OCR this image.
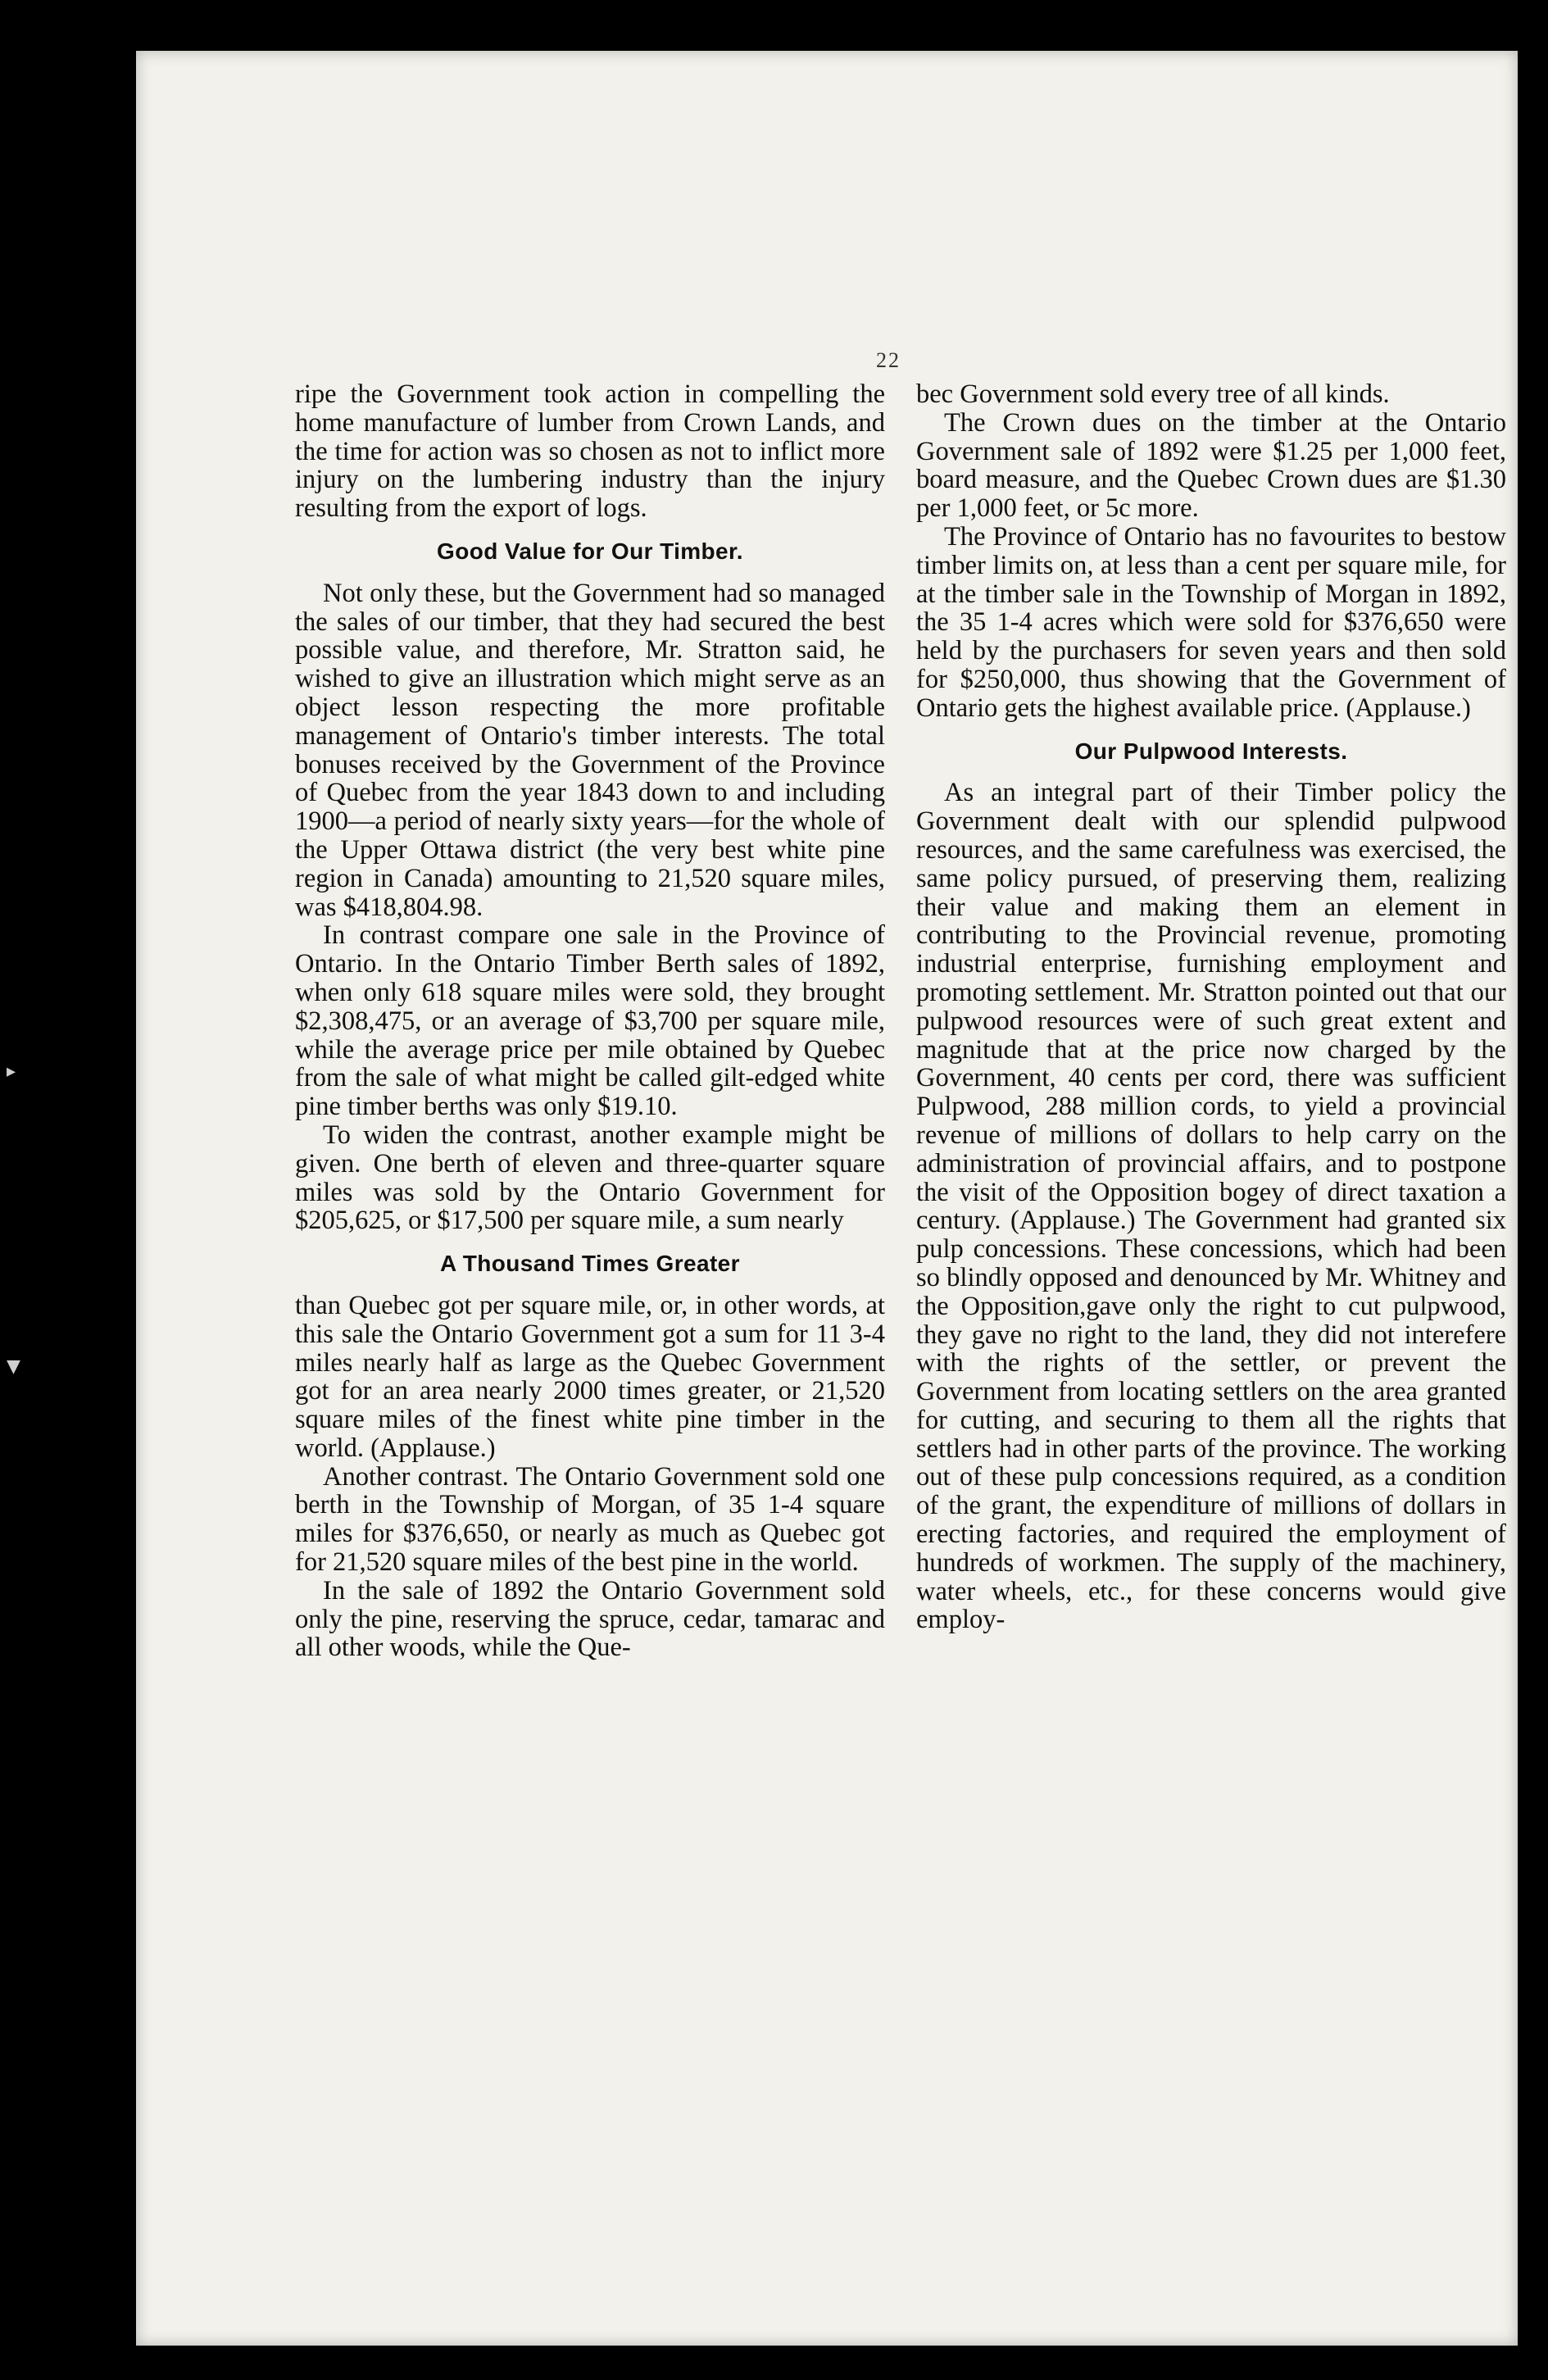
▸
▼
22

ripe the Government took action in compelling the home manufacture of lumber from Crown Lands, and the time for action was so chosen as not to inflict more injury on the lumbering industry than the injury resulting from the export of logs.

Good Value for Our Timber.

Not only these, but the Government had so managed the sales of our timber, that they had secured the best possible value, and therefore, Mr. Stratton said, he wished to give an illustration which might serve as an object lesson respecting the more profitable management of Ontario's timber interests. The total bonuses received by the Government of the Province of Quebec from the year 1843 down to and including 1900—a period of nearly sixty years—for the whole of the Upper Ottawa district (the very best white pine region in Canada) amounting to 21,520 square miles, was $418,804.98.

In contrast compare one sale in the Province of Ontario. In the Ontario Timber Berth sales of 1892, when only 618 square miles were sold, they brought $2,308,475, or an average of $3,700 per square mile, while the average price per mile obtained by Quebec from the sale of what might be called gilt-edged white pine timber berths was only $19.10.

To widen the contrast, another example might be given. One berth of eleven and three-quarter square miles was sold by the Ontario Government for $205,625, or $17,500 per square mile, a sum nearly

A Thousand Times Greater

than Quebec got per square mile, or, in other words, at this sale the Ontario Government got a sum for 11 3-4 miles nearly half as large as the Quebec Government got for an area nearly 2000 times greater, or 21,520 square miles of the finest white pine timber in the world. (Applause.)

Another contrast. The Ontario Government sold one berth in the Township of Morgan, of 35 1-4 square miles for $376,650, or nearly as much as Quebec got for 21,520 square miles of the best pine in the world.

In the sale of 1892 the Ontario Government sold only the pine, reserving the spruce, cedar, tamarac and all other woods, while the Que-

bec Government sold every tree of all kinds.

The Crown dues on the timber at the Ontario Government sale of 1892 were $1.25 per 1,000 feet, board measure, and the Quebec Crown dues are $1.30 per 1,000 feet, or 5c more.

The Province of Ontario has no favourites to bestow timber limits on, at less than a cent per square mile, for at the timber sale in the Township of Morgan in 1892, the 35 1-4 acres which were sold for $376,650 were held by the purchasers for seven years and then sold for $250,000, thus showing that the Government of Ontario gets the highest available price. (Applause.)

Our Pulpwood Interests.

As an integral part of their Timber policy the Government dealt with our splendid pulpwood resources, and the same carefulness was exercised, the same policy pursued, of preserving them, realizing their value and making them an element in contributing to the Provincial revenue, promoting industrial enterprise, furnishing employment and promoting settlement. Mr. Stratton pointed out that our pulpwood resources were of such great extent and magnitude that at the price now charged by the Government, 40 cents per cord, there was sufficient Pulpwood, 288 million cords, to yield a provincial revenue of millions of dollars to help carry on the administration of provincial affairs, and to postpone the visit of the Opposition bogey of direct taxation a century. (Applause.) The Government had granted six pulp concessions. These concessions, which had been so blindly opposed and denounced by Mr. Whitney and the Opposition,gave only the right to cut pulpwood, they gave no right to the land, they did not interefere with the rights of the settler, or prevent the Government from locating settlers on the area granted for cutting, and securing to them all the rights that settlers had in other parts of the province. The working out of these pulp concessions required, as a condition of the grant, the expenditure of millions of dollars in erecting factories, and required the employment of hundreds of workmen. The supply of the machinery, water wheels, etc., for these concerns would give employ-
